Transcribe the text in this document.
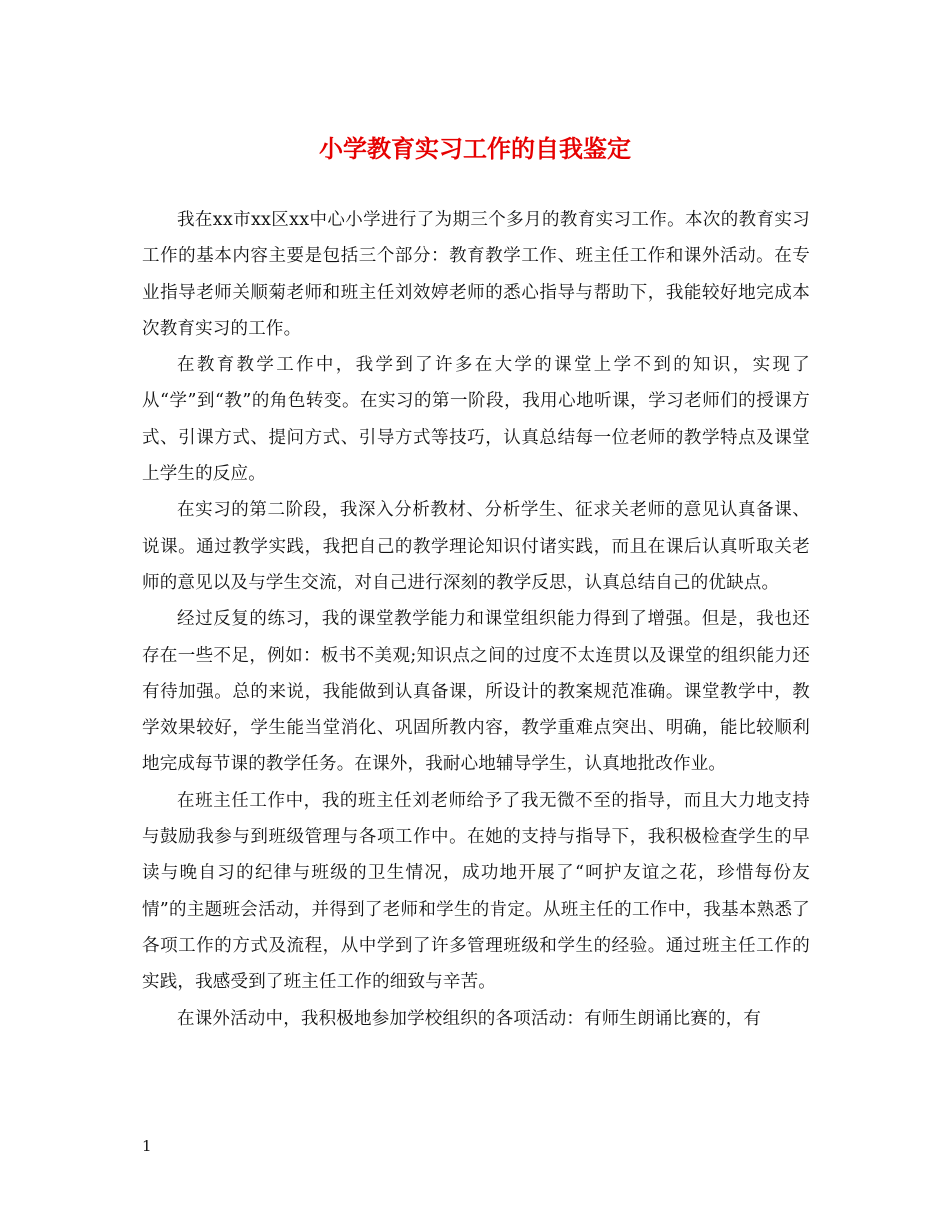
小学教育实习工作的自我鉴定

我在xx市xx区xx中心小学进行了为期三个多月的教育实习工作。本次的教育实习工作的基本内容主要是包括三个部分：教育教学工作、班主任工作和课外活动。在专业指导老师关顺菊老师和班主任刘效婷老师的悉心指导与帮助下，我能较好地完成本次教育实习的工作。

在教育教学工作中，我学到了许多在大学的课堂上学不到的知识，实现了从“学”到“教”的角色转变。在实习的第一阶段，我用心地听课，学习老师们的授课方式、引课方式、提问方式、引导方式等技巧，认真总结每一位老师的教学特点及课堂上学生的反应。

在实习的第二阶段，我深入分析教材、分析学生、征求关老师的意见认真备课、说课。通过教学实践，我把自己的教学理论知识付诸实践，而且在课后认真听取关老师的意见以及与学生交流，对自己进行深刻的教学反思，认真总结自己的优缺点。

经过反复的练习，我的课堂教学能力和课堂组织能力得到了增强。但是，我也还存在一些不足，例如：板书不美观;知识点之间的过度不太连贯以及课堂的组织能力还有待加强。总的来说，我能做到认真备课，所设计的教案规范准确。课堂教学中，教学效果较好，学生能当堂消化、巩固所教内容，教学重难点突出、明确，能比较顺利地完成每节课的教学任务。在课外，我耐心地辅导学生，认真地批改作业。

在班主任工作中，我的班主任刘老师给予了我无微不至的指导，而且大力地支持与鼓励我参与到班级管理与各项工作中。在她的支持与指导下，我积极检查学生的早读与晚自习的纪律与班级的卫生情况，成功地开展了“呵护友谊之花，珍惜每份友情”的主题班会活动，并得到了老师和学生的肯定。从班主任的工作中，我基本熟悉了各项工作的方式及流程，从中学到了许多管理班级和学生的经验。通过班主任工作的实践，我感受到了班主任工作的细致与辛苦。

在课外活动中，我积极地参加学校组织的各项活动：有师生朗诵比赛的，有

1
